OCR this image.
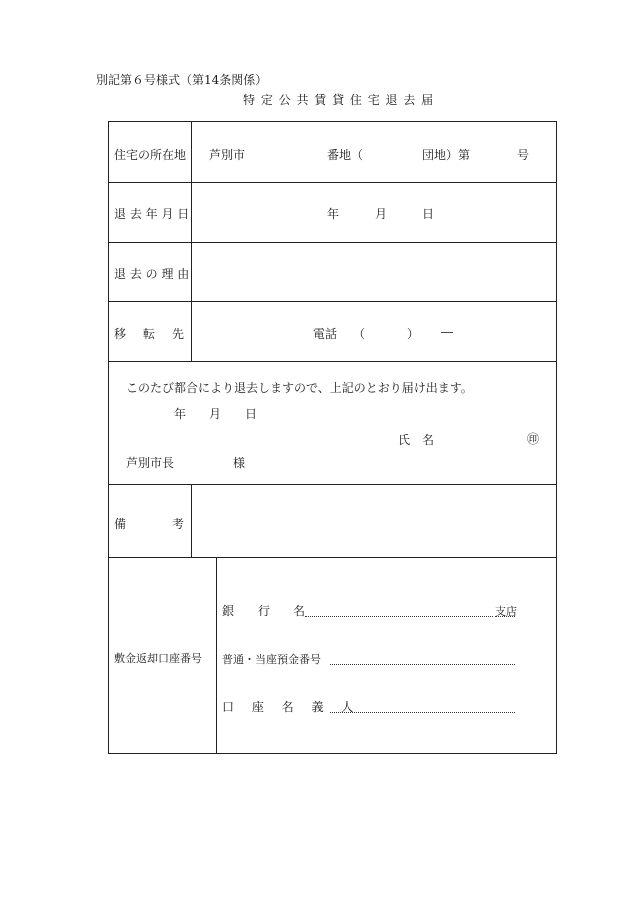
別記第６号様式（第14条関係）
特 定 公 共 賃 貸 住 宅 退 去 届
住宅の所在地 芦別市	番地（	団地）第	号
退 去 年 月 日	年	月	日
退 去 の 理 由
移 転 先	電話 （	） ―
このたび都合により退去しますので、上記のとおり届け出ます。
年 月 日
氏　名	㊞
芦別市長	様
備	考
敷金返却口座番号
銀 行 名	支店
普通・当座預金番号
口 座 名 義 人
